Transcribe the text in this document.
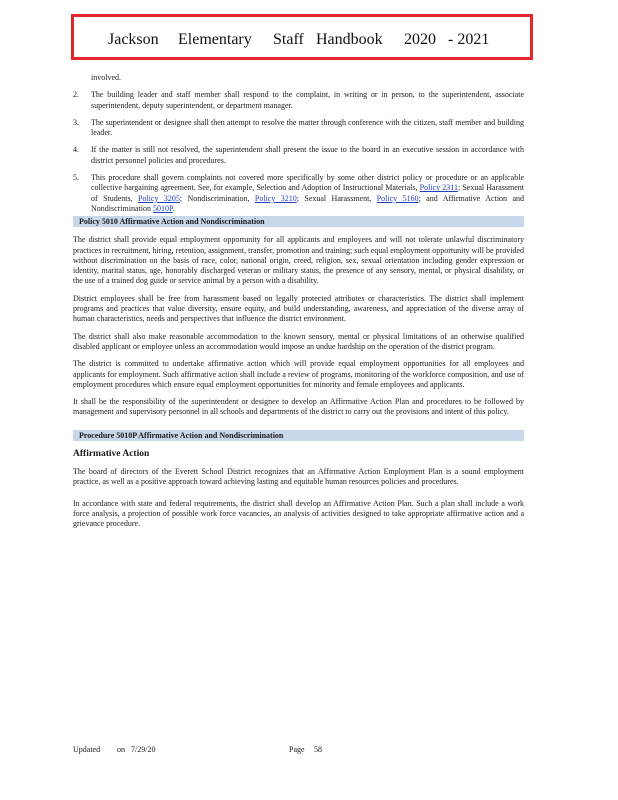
Jackson Elementary Staff Handbook 2020 - 2021
involved.
2. The building leader and staff member shall respond to the complaint, in writing or in person, to the superintendent, associate superintendent, deputy superintendent, or department manager.
3. The superintendent or designee shall then attempt to resolve the matter through conference with the citizen, staff member and building leader.
4. If the matter is still not resolved, the superintendent shall present the issue to the board in an executive session in accordance with district personnel policies and procedures.
5. This procedure shall govern complaints not covered more specifically by some other district policy or procedure or an applicable collective bargaining agreement. See, for example, Selection and Adoption of Instructional Materials, Policy 2311; Sexual Harassment of Students, Policy 3205; Nondiscrimination, Policy 3210; Sexual Harassment, Policy 5160; and Affirmative Action and Nondiscrimination 5010P.
Policy 5010 Affirmative Action and Nondiscrimination

The district shall provide equal employment opportunity for all applicants and employees and will not tolerate unlawful discriminatory practices in recruitment, hiring, retention, assignment, transfer, promotion and training; such equal employment opportunity will be provided without discrimination on the basis of race, color, national origin, creed, religion, sex, sexual orientation including gender expression or identity, marital status, age, honorably discharged veteran or military status, the presence of any sensory, mental, or physical disability, or the use of a trained dog guide or service animal by a person with a disability.

District employees shall be free from harassment based on legally protected attributes or characteristics. The district shall implement programs and practices that value diversity, ensure equity, and build understanding, awareness, and appreciation of the diverse array of human characteristics, needs and perspectives that influence the district environment.

The district shall also make reasonable accommodation to the known sensory, mental or physical limitations of an otherwise qualified disabled applicant or employee unless an accommodation would impose an undue hardship on the operation of the district program.

The district is committed to undertake affirmative action which will provide equal employment opportunities for all employees and applicants for employment. Such affirmative action shall include a review of programs, monitoring of the workforce composition, and use of employment procedures which ensure equal employment opportunities for minority and female employees and applicants.

It shall be the responsibility of the superintendent or designee to develop an Affirmative Action Plan and procedures to be followed by management and supervisory personnel in all schools and departments of the district to carry out the provisions and intent of this policy.

Procedure 5010P Affirmative Action and Nondiscrimination
Affirmative Action

The board of directors of the Everett School District recognizes that an Affirmative Action Employment Plan is a sound employment practice, as well as a positive approach toward achieving lasting and equitable human resources policies and procedures.

In accordance with state and federal requirements, the district shall develop an Affirmative Action Plan. Such a plan shall include a work force analysis, a projection of possible work force vacancies, an analysis of activities designed to take appropriate affirmative action and a grievance procedure.

Updated on 7/29/20	Page 58
